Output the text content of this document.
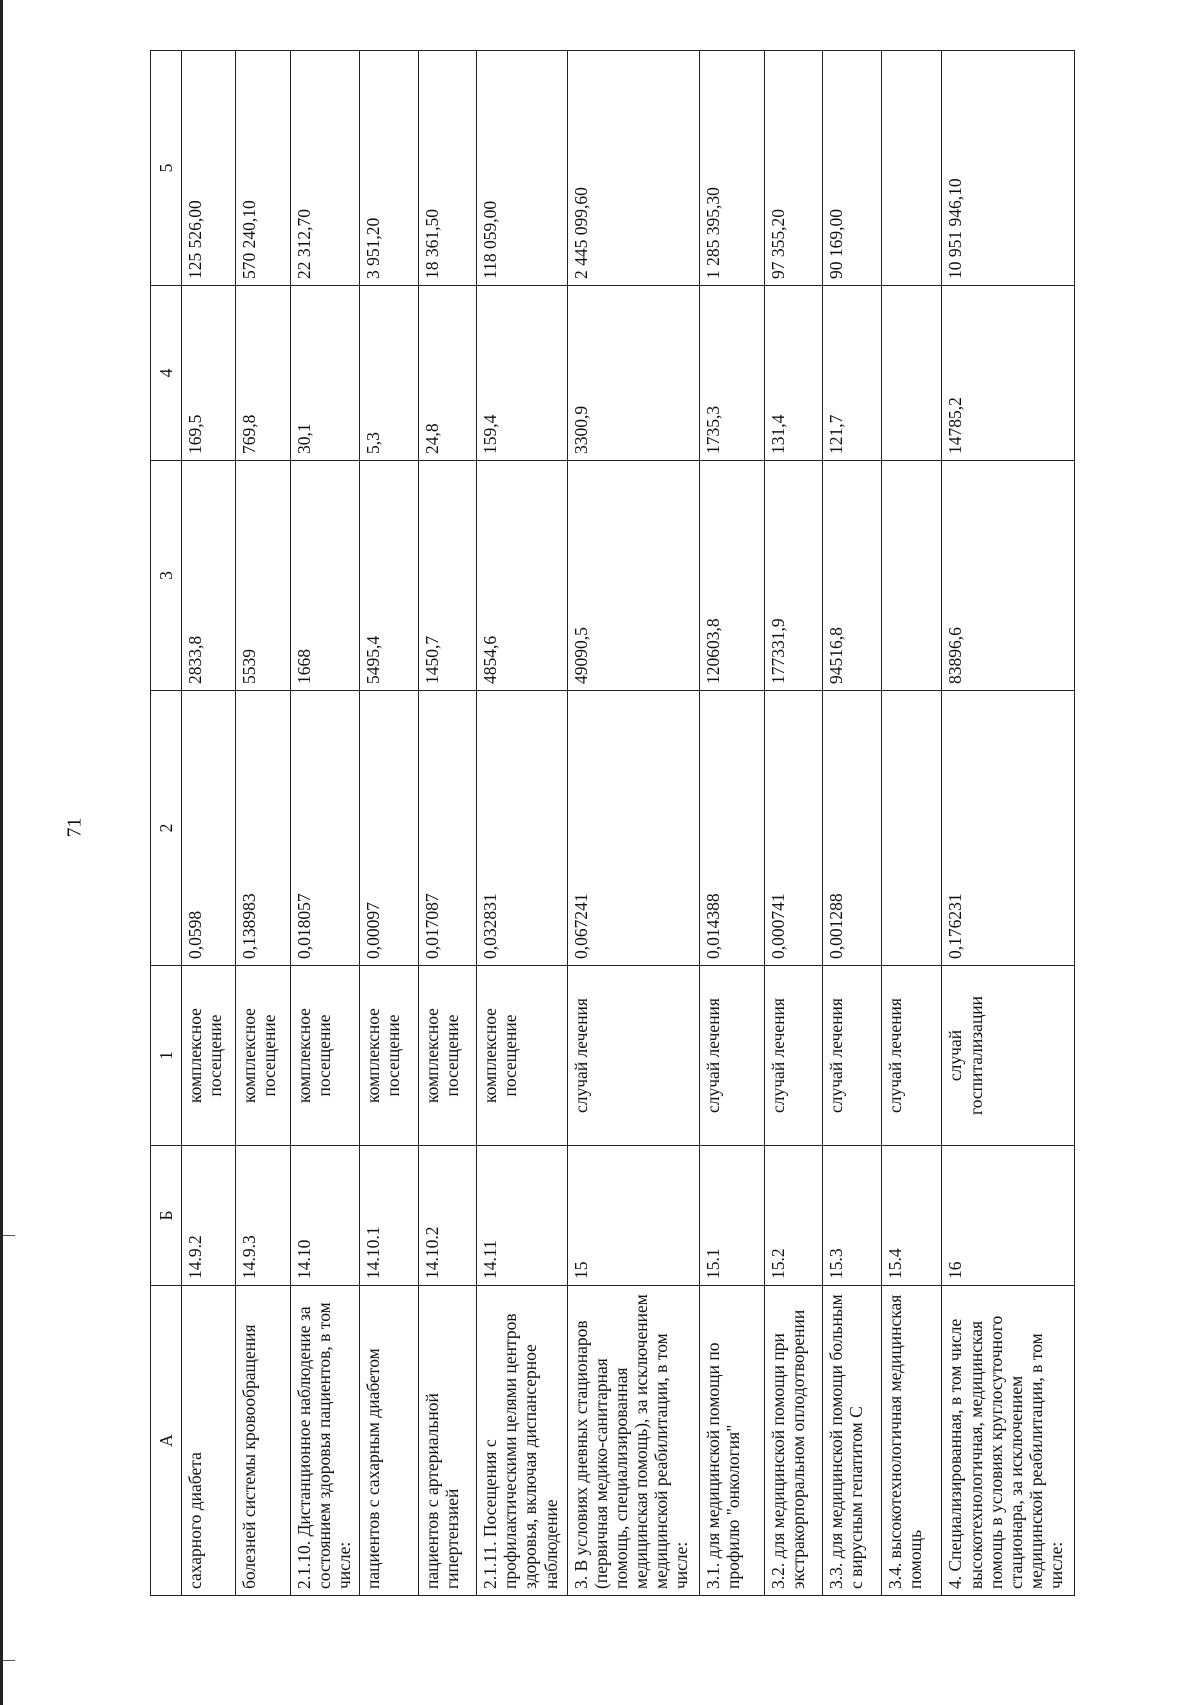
71
А	Б	1	2	3	4	5
сахарного диабета	14.9.2	комплексное посещение	0,0598	2833,8	169,5	125 526,00
болезней системы кровообращения	14.9.3	комплексное посещение	0,138983	5539	769,8	570 240,10
2.1.10. Дистанционное наблюдение за состоянием здоровья пациентов, в том числе:	14.10	комплексное посещение	0,018057	1668	30,1	22 312,70
пациентов с сахарным диабетом	14.10.1	комплексное посещение	0,00097	5495,4	5,3	3 951,20
пациентов с артериальной гипертензией	14.10.2	комплексное посещение	0,017087	1450,7	24,8	18 361,50
2.1.11. Посещения с профилактическими целями центров здоровья, включая диспансерное наблюдение	14.11	комплексное посещение	0,032831	4854,6	159,4	118 059,00
3. В условиях дневных стационаров (первичная медико-санитарная помощь, специализированная медицинская помощь), за исключением медицинской реабилитации, в том числе:	15	случай лечения	0,067241	49090,5	3300,9	2 445 099,60
3.1. для медицинской помощи по профилю "онкология"	15.1	случай лечения	0,014388	120603,8	1735,3	1 285 395,30
3.2. для медицинской помощи при экстракорпоральном оплодотворении	15.2	случай лечения	0,000741	177331,9	131,4	97 355,20
3.3. для медицинской помощи больным с вирусным гепатитом С	15.3	случай лечения	0,001288	94516,8	121,7	90 169,00
3.4. высокотехнологичная медицинская помощь	15.4	случай лечения				
4. Специализированная, в том числе высокотехнологичная, медицинская помощь в условиях круглосуточного стационара, за исключением медицинской реабилитации, в том числе:	16	случай госпитализации	0,176231	83896,6	14785,2	10 951 946,10
